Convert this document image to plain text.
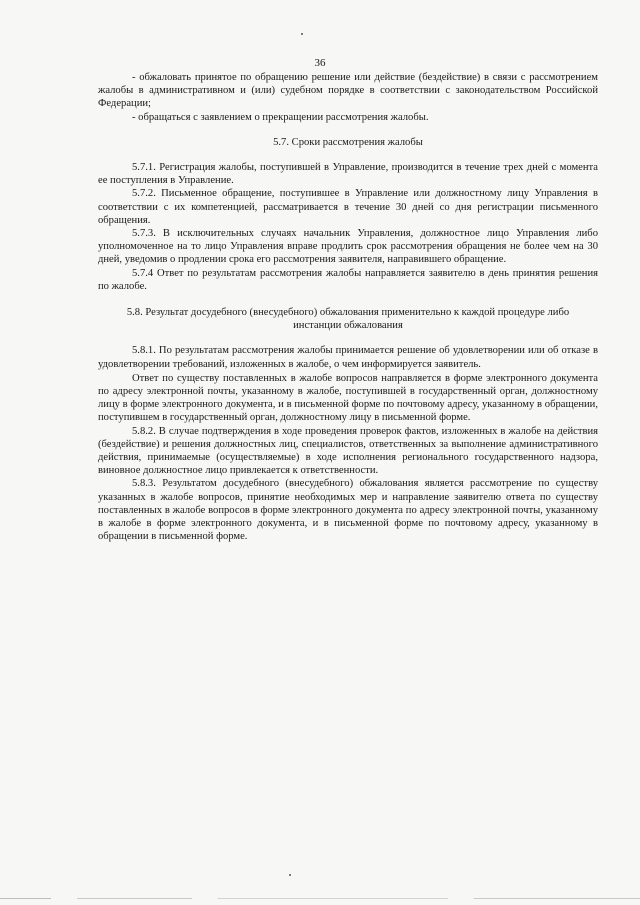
36

- обжаловать принятое по обращению решение или действие (бездействие) в связи с рассмотрением жалобы в административном и (или) судебном порядке в соответствии с законодательством Российской Федерации;

- обращаться с заявлением о прекращении рассмотрения жалобы.

5.7. Сроки рассмотрения жалобы

5.7.1. Регистрация жалобы, поступившей в Управление, производится в течение трех дней с момента ее поступления в Управление.

5.7.2. Письменное обращение, поступившее в Управление или должностному лицу Управления в соответствии с их компетенцией, рассматривается в течение 30 дней со дня регистрации письменного обращения.

5.7.3. В исключительных случаях начальник Управления, должностное лицо Управления либо уполномоченное на то лицо Управления вправе продлить срок рассмотрения обращения не более чем на 30 дней, уведомив о продлении срока его рассмотрения заявителя, направившего обращение.

5.7.4 Ответ по результатам рассмотрения жалобы направляется заявителю в день принятия решения по жалобе.

5.8. Результат досудебного (внесудебного) обжалования применительно к каждой процедуре либо инстанции обжалования

5.8.1. По результатам рассмотрения жалобы принимается решение об удовлетворении или об отказе в удовлетворении требований, изложенных в жалобе, о чем информируется заявитель.

Ответ по существу поставленных в жалобе вопросов направляется в форме электронного документа по адресу электронной почты, указанному в жалобе, поступившей в государственный орган, должностному лицу в форме электронного документа, и в письменной форме по почтовому адресу, указанному в обращении, поступившем в государственный орган, должностному лицу в письменной форме.

5.8.2. В случае подтверждения в ходе проведения проверок фактов, изложенных в жалобе на действия (бездействие) и решения должностных лиц, специалистов, ответственных за выполнение административного действия, принимаемые (осуществляемые) в ходе исполнения регионального государственного надзора, виновное должностное лицо привлекается к ответственности.

5.8.3. Результатом досудебного (внесудебного) обжалования является рассмотрение по существу указанных в жалобе вопросов, принятие необходимых мер и направление заявителю ответа по существу поставленных в жалобе вопросов в форме электронного документа по адресу электронной почты, указанному в жалобе в форме электронного документа, и в письменной форме по почтовому адресу, указанному в обращении в письменной форме.
